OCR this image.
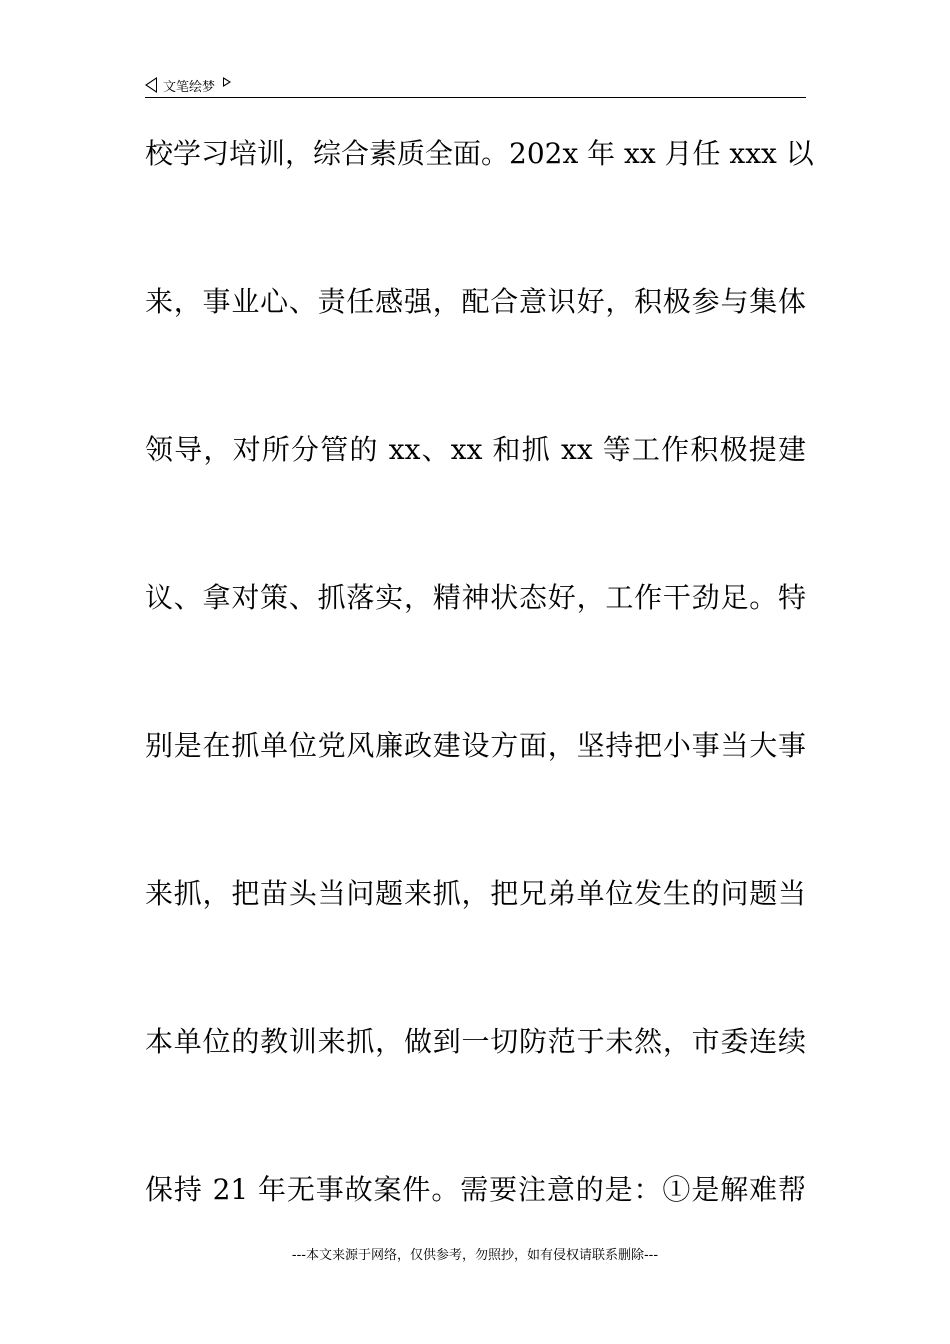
文笔绘梦
校学习培训，综合素质全面。202x 年 xx 月任 xxx 以
来，事业心、责任感强，配合意识好，积极参与集体
领导，对所分管的 xx、xx 和抓 xx 等工作积极提建
议、拿对策、抓落实，精神状态好，工作干劲足。特
别是在抓单位党风廉政建设方面，坚持把小事当大事
来抓，把苗头当问题来抓，把兄弟单位发生的问题当
本单位的教训来抓，做到一切防范于未然，市委连续
保持 21 年无事故案件。需要注意的是：①是解难帮
---本文来源于网络，仅供参考，勿照抄，如有侵权请联系删除---
